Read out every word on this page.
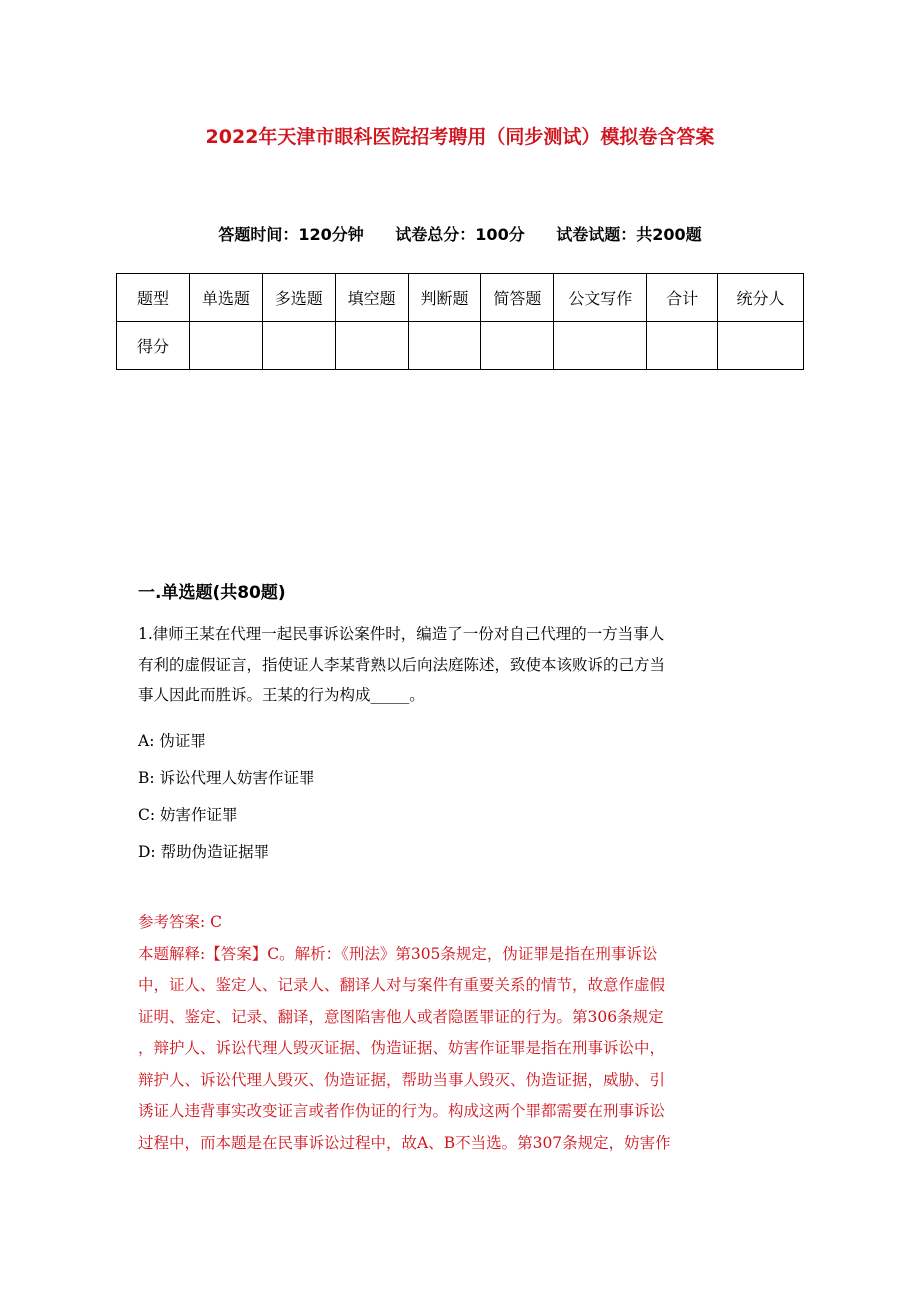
2022年天津市眼科医院招考聘用（同步测试）模拟卷含答案
答题时间：120分钟 试卷总分：100分 试卷试题：共200题
题型	单选题	多选题	填空题	判断题	简答题	公文写作	合计	统分人
得分								
一.单选题(共80题)

1.律师王某在代理一起民事诉讼案件时，编造了一份对自己代理的一方当事人

有利的虚假证言，指使证人李某背熟以后向法庭陈述，致使本该败诉的己方当

事人因此而胜诉。王某的行为构成_____。

A: 伪证罪
B: 诉讼代理人妨害作证罪
C: 妨害作证罪
D: 帮助伪造证据罪

参考答案: C

本题解释:【答案】C。解析：《刑法》第305条规定，伪证罪是指在刑事诉讼

中，证人、鉴定人、记录人、翻译人对与案件有重要关系的情节，故意作虚假

证明、鉴定、记录、翻译，意图陷害他人或者隐匿罪证的行为。第306条规定

，辩护人、诉讼代理人毁灭证据、伪造证据、妨害作证罪是指在刑事诉讼中，

辩护人、诉讼代理人毁灭、伪造证据，帮助当事人毁灭、伪造证据，威胁、引

诱证人违背事实改变证言或者作伪证的行为。构成这两个罪都需要在刑事诉讼

过程中，而本题是在民事诉讼过程中，故A、B不当选。第307条规定，妨害作
